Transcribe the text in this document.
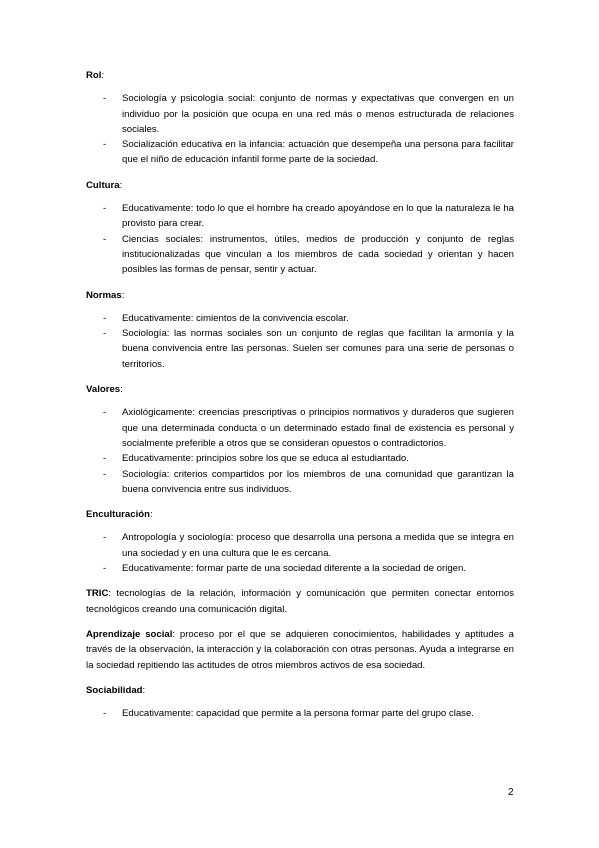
Rol:
- Sociología y psicología social: conjunto de normas y expectativas que convergen en un individuo por la posición que ocupa en una red más o menos estructurada de relaciones sociales.
- Socialización educativa en la infancia: actuación que desempeña una persona para facilitar que el niño de educación infantil forme parte de la sociedad.
Cultura:
- Educativamente: todo lo que el hombre ha creado apoyándose en lo que la naturaleza le ha provisto para crear.
- Ciencias sociales: instrumentos, útiles, medios de producción y conjunto de reglas institucionalizadas que vinculan a los miembros de cada sociedad y orientan y hacen posibles las formas de pensar, sentir y actuar.
Normas:
- Educativamente: cimientos de la convivencia escolar.
- Sociología: las normas sociales son un conjunto de reglas que facilitan la armonía y la buena convivencia entre las personas. Suelen ser comunes para una serie de personas o territorios.
Valores:
- Axiológicamente: creencias prescriptivas o principios normativos y duraderos que sugieren que una determinada conducta o un determinado estado final de existencia es personal y socialmente preferible a otros que se consideran opuestos o contradictorios.
- Educativamente: principios sobre los que se educa al estudiantado.
- Sociología: criterios compartidos por los miembros de una comunidad que garantizan la buena convivencia entre sus individuos.
Enculturación:
- Antropología y sociología: proceso que desarrolla una persona a medida que se integra en una sociedad y en una cultura que le es cercana.
- Educativamente: formar parte de una sociedad diferente a la sociedad de origen.

TRIC: tecnologías de la relación, información y comunicación que permiten conectar entornos tecnológicos creando una comunicación digital.

Aprendizaje social: proceso por el que se adquieren conocimientos, habilidades y aptitudes a través de la observación, la interacción y la colaboración con otras personas. Ayuda a integrarse en la sociedad repitiendo las actitudes de otros miembros activos de esa sociedad.

Sociabilidad:
- Educativamente: capacidad que permite a la persona formar parte del grupo clase.
2
